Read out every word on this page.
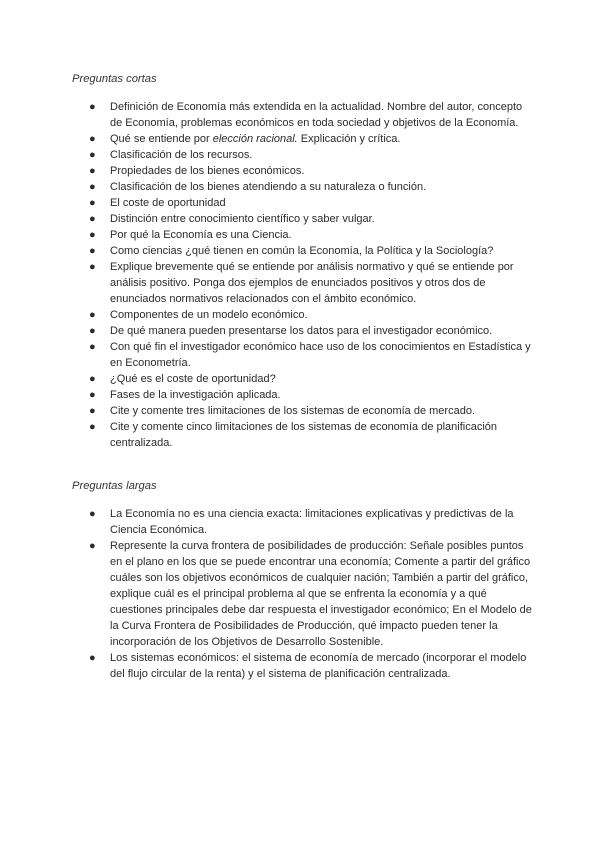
Preguntas cortas
● Definición de Economía más extendida en la actualidad. Nombre del autor, concepto de Economía, problemas económicos en toda sociedad y objetivos de la Economía.
● Qué se entiende por elección racional. Explicación y crítica.
● Clasificación de los recursos.
● Propiedades de los bienes económicos.
● Clasificación de los bienes atendiendo a su naturaleza o función.
● El coste de oportunidad
● Distinción entre conocimiento científico y saber vulgar.
● Por qué la Economía es una Ciencia.
● Como ciencias ¿qué tienen en común la Economía, la Política y la Sociología?
● Explique brevemente qué se entiende por análisis normativo y qué se entiende por análisis positivo. Ponga dos ejemplos de enunciados positivos y otros dos de enunciados normativos relacionados con el ámbito económico.
● Componentes de un modelo económico.
● De qué manera pueden presentarse los datos para el investigador económico.
● Con qué fin el investigador económico hace uso de los conocimientos en Estadística y en Econometría.
● ¿Qué es el coste de oportunidad?
● Fases de la investigación aplicada.
● Cite y comente tres limitaciones de los sistemas de economía de mercado.
● Cite y comente cinco limitaciones de los sistemas de economía de planificación centralizada.
Preguntas largas
● La Economía no es una ciencia exacta: limitaciones explicativas y predictivas de la Ciencia Económica.
● Represente la curva frontera de posibilidades de producción: Señale posibles puntos en el plano en los que se puede encontrar una economía; Comente a partir del gráfico cuáles son los objetivos económicos de cualquier nación; También a partir del gráfico, explique cuál es el principal problema al que se enfrenta la economía y a qué cuestiones principales debe dar respuesta el investigador económico; En el Modelo de la Curva Frontera de Posibilidades de Producción, qué impacto pueden tener la incorporación de los Objetivos de Desarrollo Sostenible.
● Los sistemas económicos: el sistema de economía de mercado (incorporar el modelo del flujo circular de la renta) y el sistema de planificación centralizada.
